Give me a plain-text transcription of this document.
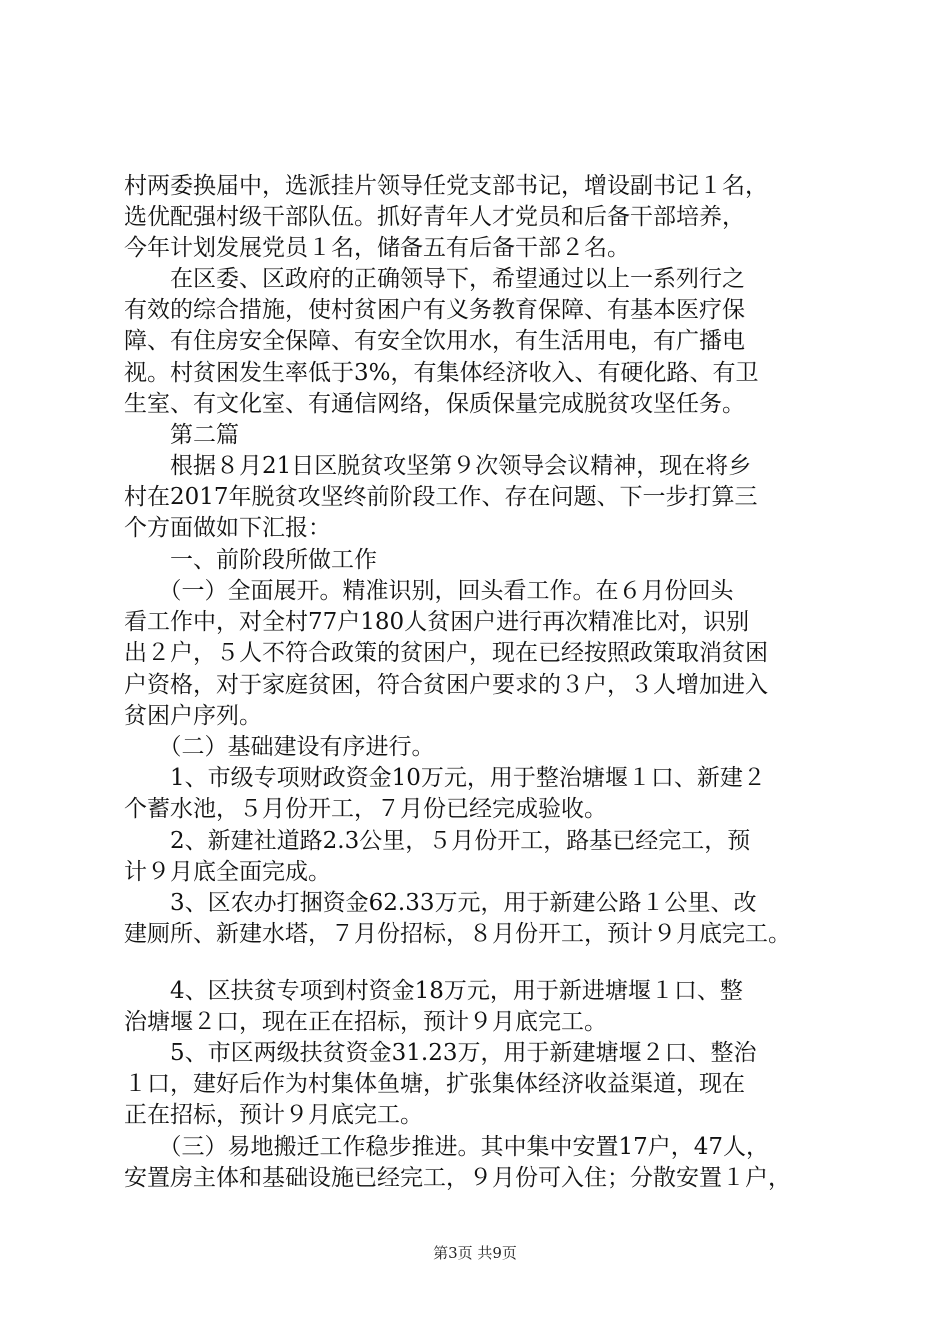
村两委换届中，选派挂片领导任党支部书记，增设副书记１名，
选优配强村级干部队伍。抓好青年人才党员和后备干部培养，
今年计划发展党员１名，储备五有后备干部２名。
　　在区委、区政府的正确领导下，希望通过以上一系列行之
有效的综合措施，使村贫困户有义务教育保障、有基本医疗保
障、有住房安全保障、有安全饮用水，有生活用电，有广播电
视。村贫困发生率低于3%，有集体经济收入、有硬化路、有卫
生室、有文化室、有通信网络，保质保量完成脱贫攻坚任务。
　　第二篇
　　根据８月21日区脱贫攻坚第９次领导会议精神，现在将乡
村在2017年脱贫攻坚终前阶段工作、存在问题、下一步打算三
个方面做如下汇报：
　　一、前阶段所做工作
　　（一）全面展开。精准识别，回头看工作。在６月份回头
看工作中，对全村77户180人贫困户进行再次精准比对，识别
出２户，５人不符合政策的贫困户，现在已经按照政策取消贫困
户资格，对于家庭贫困，符合贫困户要求的３户，３人增加进入
贫困户序列。
　　（二）基础建设有序进行。
　　1、市级专项财政资金10万元，用于整治塘堰１口、新建２
个蓄水池，５月份开工，７月份已经完成验收。
　　2、新建社道路2.3公里，５月份开工，路基已经完工，预
计９月底全面完成。
　　3、区农办打捆资金62.33万元，用于新建公路１公里、改
建厕所、新建水塔，７月份招标，８月份开工，预计９月底完工。
　　4、区扶贫专项到村资金18万元，用于新进塘堰１口、整
治塘堰２口，现在正在招标，预计９月底完工。
　　5、市区两级扶贫资金31.23万，用于新建塘堰２口、整治
１口，建好后作为村集体鱼塘，扩张集体经济收益渠道，现在
正在招标，预计９月底完工。
　　（三）易地搬迁工作稳步推进。其中集中安置17户，47人，
安置房主体和基础设施已经完工，９月份可入住；分散安置１户，
第3页 共9页
